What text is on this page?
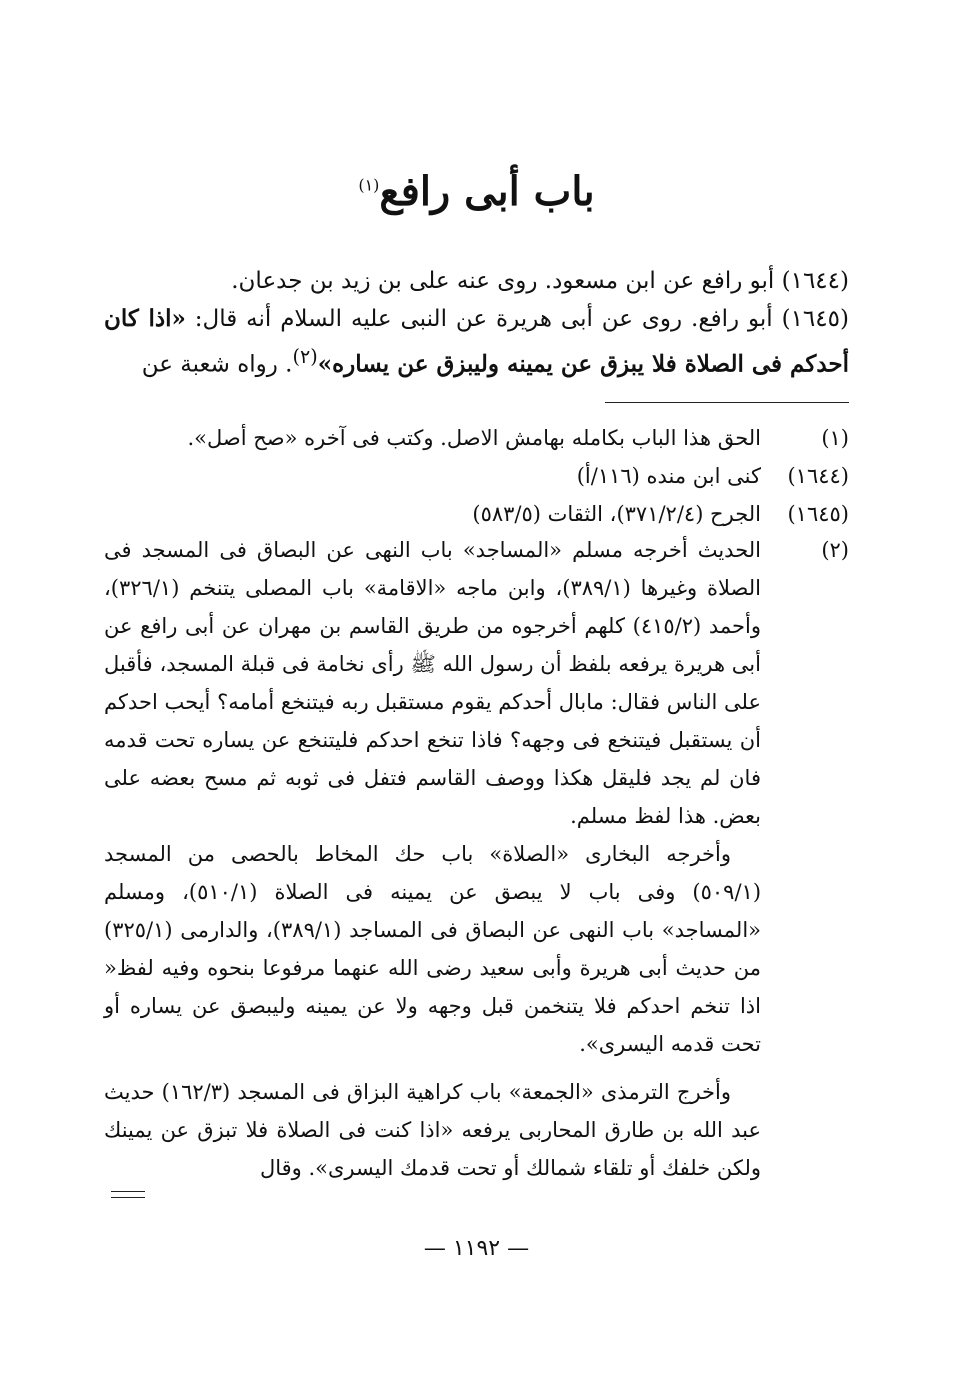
باب أبى رافع$^{(١)}$

(١٦٤٤) أبو رافع عن ابن مسعود. روى عنه على بن زيد بن جدعان.

(١٦٤٥) أبو رافع. روى عن أبى هريرة عن النبى عليه السلام أنه قال: «اذا كان أحدكم فى الصلاة فلا يبزق عن يمينه وليبزق عن يساره»$^{(٢)}$. رواه شعبة عن

(١)
الحق هذا الباب بكامله بهامش الاصل. وكتب فى آخره «صح أصل».
(١٦٤٤)
كنى ابن منده (١١٦/أ)
(١٦٤٥)
الجرح (٣٧١/٢/٤)، الثقات (٥٨٣/٥)
(٢)

الحديث أخرجه مسلم «المساجد» باب النهى عن البصاق فى المسجد فى الصلاة وغيرها (٣٨٩/١)، وابن ماجه «الاقامة» باب المصلى يتنخم (٣٢٦/١)، وأحمد (٤١٥/٢) كلهم أخرجوه من طريق القاسم بن مهران عن أبى رافع عن أبى هريرة يرفعه بلفظ أن رسول الله ﷺ رأى نخامة فى قبلة المسجد، فأقبل على الناس فقال: مابال أحدكم يقوم مستقبل ربه فيتنخع أمامه؟ أيحب احدكم أن يستقبل فيتنخع فى وجهه؟ فاذا تنخع احدكم فليتنخع عن يساره تحت قدمه فان لم يجد فليقل هكذا ووصف القاسم فتفل فى ثوبه ثم مسح بعضه على بعض. هذا لفظ مسلم.

وأخرجه البخارى «الصلاة» باب حك المخاط بالحصى من المسجد (٥٠٩/١) وفى باب لا يبصق عن يمينه فى الصلاة (٥١٠/١)، ومسلم «المساجد» باب النهى عن البصاق فى المساجد (٣٨٩/١)، والدارمى (٣٢٥/١) من حديث أبى هريرة وأبى سعيد رضى الله عنهما مرفوعا بنحوه وفيه لفظ« اذا تنخم احدكم فلا يتنخمن قبل وجهه ولا عن يمينه وليبصق عن يساره أو تحت قدمه اليسرى».

وأخرج الترمذى «الجمعة» باب كراهية البزاق فى المسجد (١٦٢/٣) حديث عبد الله بن طارق المحاربى يرفعه «اذا كنت فى الصلاة فلا تبزق عن يمينك ولكن خلفك أو تلقاء شمالك أو تحت قدمك اليسرى». وقال

— ١١٩٢ —
